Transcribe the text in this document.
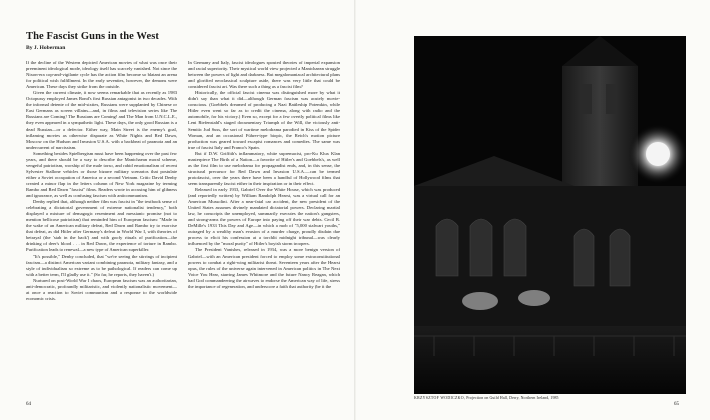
The Fascist Guns in the West
By J. Hoberman

If the decline of the Western depicted American movies of what was once their preeminent ideological mode, ideology itself has scarcely vanished. Not since the Nixon-era cop-and-vigilante cycle has the action film become so blatant an arena for political wish fulfillment. In the early seventies, however, the demons were American. These days they strike from the outside.

Given the current climate, it now seems remarkable that as recently as 1983 Octopussy employed James Bond's first Russian antagonist in two decades. With the informal detente of the mid-sixties, Russians were supplanted by Chinese or East Germans as screen villains—and, in films and television series like The Russians are Coming! The Russians are Coming! and The Man from U.N.C.L.E., they even appeared in a sympathetic light. These days, the only good Russian is a dead Russian—or a defector. Either way, Main Street is the enemy's goal, inflaming movies as otherwise disparate as White Nights and Red Dawn, Moscow on the Hudson and Invasion U.S.A. with a backbeat of paranoia and an undercurrent of narcissism.

Something besides Spielbergism must have been happening over the past few years, and there should be a way to describe the Manichaean moral scheme, vengeful patriotism, worship of the male torso, and rabid emotionalism of recent Sylvester Stallone vehicles or those bizarre military scenarios that postulate either a Soviet occupation of America or a second Vietnam. Critic David Denby created a minor flap in the letters column of New York magazine by terming Rambo and Red Dawn "fascist" films. Readers wrote in accusing him of glibness and ignorance, as well as confusing fascism with anticommunism.

Denby replied that, although neither film was fascist in "the textbook sense of celebrating a dictatorial government of extreme nationalist tendency," both displayed a mixture of demagogic resentment and messianic promise (not to mention bellicose patriotism) that reminded him of European fascism: "Made in the wake of an American military defeat, Red Dawn and Rambo try to exorcise that defeat, as did Hitler after Germany's defeat in World War I, with theories of betrayal (the 'stab in the back') and with goofy rituals of purification—the drinking of deer's blood . . . in Red Dawn, the experience of torture in Rambo. Purification leads to renewal—a new type of American superkiller.

"It's possible," Denby concluded, that "we're seeing the stirrings of incipient fascism—a distinct American variant combining paranoia, military fantasy, and a style of individualism so extreme as to be pathological. If readers can come up with a better term, I'll gladly use it." (So far, he reports, they haven't.)

Nurtured on post-World War I chaos, European fascism was an authoritarian, anti-democratic, profoundly militaristic, and violently nationalistic movement—at once a reaction to Soviet communism and a response to the worldwide economic crisis.

In Germany and Italy, fascist ideologues spouted theories of imperial expansion and racial superiority. Their mystical world view projected a Manichaean struggle between the powers of light and darkness. But megalomaniacal architectural plans and glorified neoclassical sculpture aside, there was very little that could be considered fascist art. Was there such a thing as a fascist film?

Historically, the official fascist cinema was distinguished more by what it didn't say than what it did—although German fascism was acutely movie-conscious. (Goebbels dreamed of producing a Nazi Battleship Potemkin, while Hitler even went so far as to credit the cinema, along with radio and the automobile, for his victory.) Even so, except for a few overtly political films like Leni Riefenstahl's staged documentary Triumph of the Will, the viciously anti-Semitic Jud Suss, the sort of wartime melodrama parodied in Kiss of the Spider Woman, and an occasional Führer-type biopic, the Reich's motion picture production was geared toward escapist romances and comedies. The same was true of fascist Italy and Franco's Spain.

But if D.W. Griffith's inflammatory, white supremacist, pro-Ku Klux Klan masterpiece The Birth of a Nation—a favorite of Hitler's and Goebbels's, as well as the first film to use melodrama for propagandist ends, and, in this sense, the structural precursor for Red Dawn and Invasion U.S.A.—can be termed protofascist, over the years there have been a handful of Hollywood films that seem transparently fascist either in their inspiration or in their effect.

Released in early 1933, Gabriel Over the White House, which was produced (and reportedly written) by William Randolph Hearst, was a virtual call for an American Mussolini. After a near-fatal car accident, the new president of the United States assumes divinely mandated dictatorial powers. Declaring martial law, he conscripts the unemployed, summarily executes the nation's gangsters, and strong-arms the powers of Europe into paying off their war debts. Cecil B. DeMille's 1933 This Day and Age—in which a mob of "5,000 stalwart youths," outraged by a wealthy man's evasion of a murder charge, proudly disdain due process to elicit his confession at a torchlit midnight tribunal—was clearly influenced by the "moral purity" of Hitler's boyish storm troopers.

The President Vanishes, released in 1934, was a more benign version of Gabriel—with an American president forced to employ some extraconstitutional powers to combat a right-wing militarist threat. Seventeen years after the Hearst opus, the rules of the universe again intervened in American politics in The Next Voice You Hear, starring James Whitmore and the future Nancy Reagan, which had God commandeering the airwaves to endorse the American way of life, stress the importance of regeneration, and underscore a faith that authority (be it the

64	65
KRZYSZTOF WODICZKO, Projection on Guild Hall, Derry, Northern Ireland, 1985
